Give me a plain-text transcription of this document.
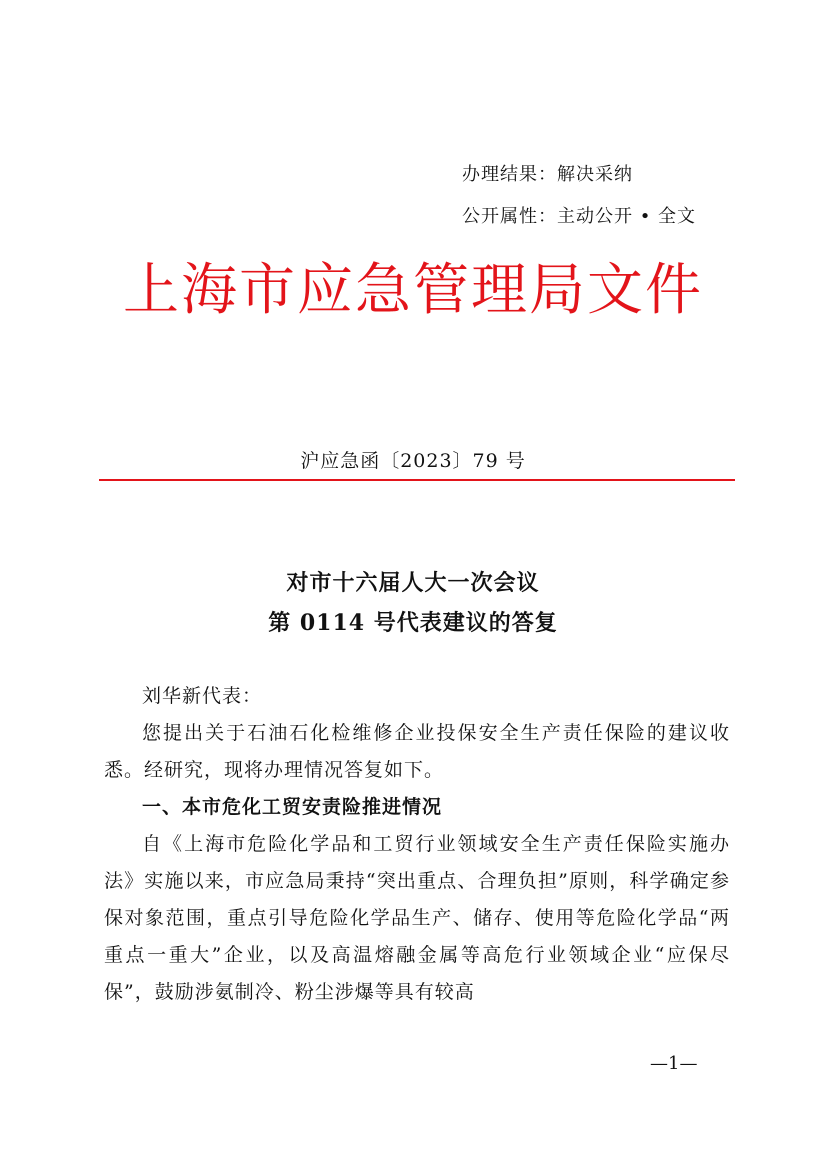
办理结果：解决采纳
公开属性：主动公开 • 全文
上海市应急管理局文件
沪应急函〔2023〕79 号
对市十六届人大一次会议
第 0114 号代表建议的答复

刘华新代表：

您提出关于石油石化检维修企业投保安全生产责任保险的建议收悉。经研究，现将办理情况答复如下。

一、本市危化工贸安责险推进情况

自《上海市危险化学品和工贸行业领域安全生产责任保险实施办法》实施以来，市应急局秉持“突出重点、合理负担”原则，科学确定参保对象范围，重点引导危险化学品生产、储存、使用等危险化学品“两重点一重大”企业，以及高温熔融金属等高危行业领域企业“应保尽保”，鼓励涉氨制冷、粉尘涉爆等具有较高

—1—
